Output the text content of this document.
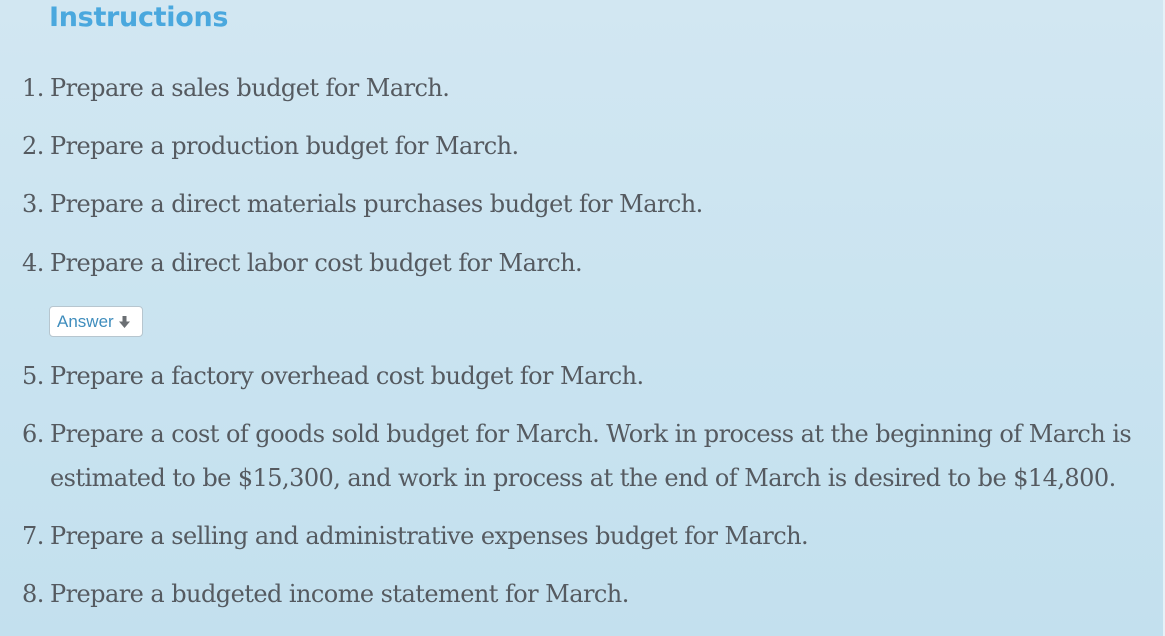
Instructions
1. Prepare a sales budget for March.
2. Prepare a production budget for March.
3. Prepare a direct materials purchases budget for March.
4. Prepare a direct labor cost budget for March.
Answer
5. Prepare a factory overhead cost budget for March.
6. Prepare a cost of goods sold budget for March. Work in process at the beginning of March is
estimated to be $15,300, and work in process at the end of March is desired to be $14,800.
7. Prepare a selling and administrative expenses budget for March.
8. Prepare a budgeted income statement for March.
